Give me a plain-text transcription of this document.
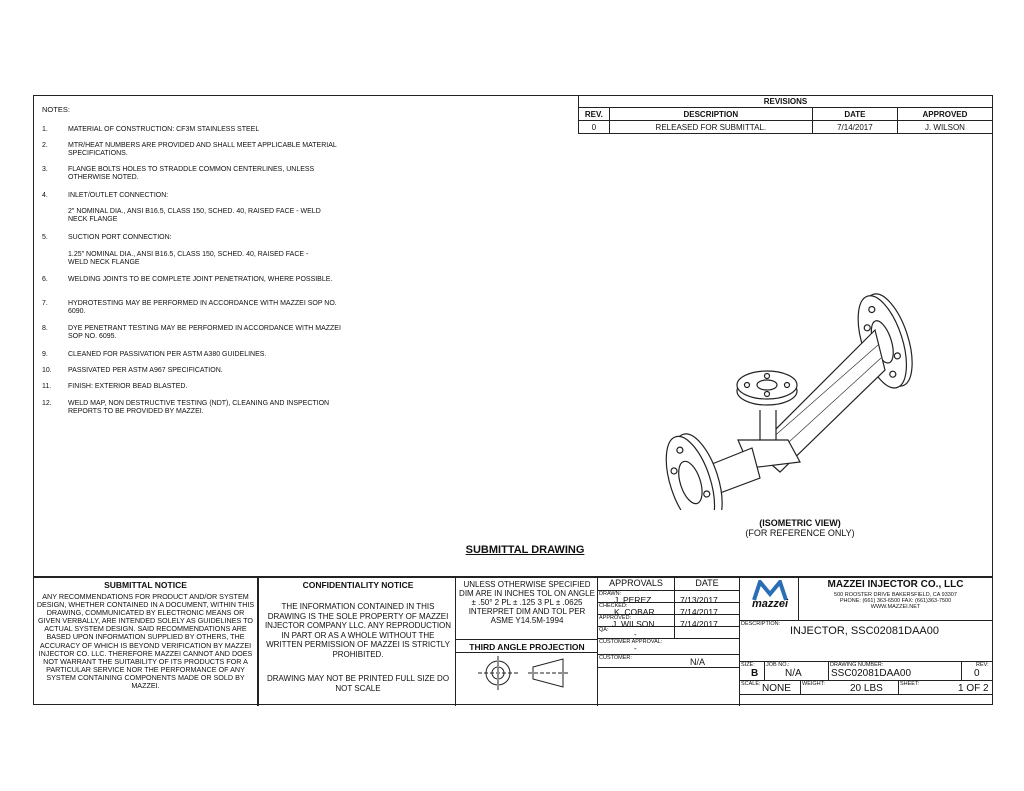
NOTES:
1.	MATERIAL OF CONSTRUCTION: CF3M STAINLESS STEEL
2.	MTR/HEAT NUMBERS ARE PROVIDED AND SHALL MEET APPLICABLE MATERIAL SPECIFICATIONS.
3.	FLANGE BOLTS HOLES TO STRADDLE COMMON CENTERLINES, UNLESS OTHERWISE NOTED.
4.	INLET/OUTLET CONNECTION:
2" NOMINAL DIA., ANSI B16.5, CLASS 150, SCHED. 40, RAISED FACE - WELD NECK FLANGE
5.	SUCTION PORT CONNECTION:
1.25" NOMINAL DIA., ANSI B16.5, CLASS 150, SCHED. 40, RAISED FACE - WELD NECK FLANGE
6.	WELDING JOINTS TO BE COMPLETE JOINT PENETRATION, WHERE POSSIBLE.
7.	HYDROTESTING MAY BE PERFORMED IN ACCORDANCE WITH MAZZEI SOP NO. 6090.
8.	DYE PENETRANT TESTING MAY BE PERFORMED IN ACCORDANCE WITH MAZZEI SOP NO. 6095.
9.	CLEANED FOR PASSIVATION PER ASTM A380 GUIDELINES.
10.	PASSIVATED PER ASTM A967 SPECIFICATION.
11.	FINISH: EXTERIOR BEAD BLASTED.
12.	WELD MAP, NON DESTRUCTIVE TESTING (NDT), CLEANING AND INSPECTION REPORTS TO BE PROVIDED BY MAZZEI.
REVISIONS			
REV.	DESCRIPTION	DATE	APPROVED
0	RELEASED FOR SUBMITTAL.	7/14/2017	J. WILSON
(ISOMETRIC VIEW)
(FOR REFERENCE ONLY)
SUBMITTAL DRAWING
SUBMITTAL NOTICE
ANY RECOMMENDATIONS FOR PRODUCT AND/OR SYSTEM DESIGN, WHETHER CONTAINED IN A DOCUMENT, WITHIN THIS DRAWING, COMMUNICATED BY ELECTRONIC MEANS OR GIVEN VERBALLY, ARE INTENDED SOLELY AS GUIDELINES TO ACTUAL SYSTEM DESIGN. SAID RECOMMENDATIONS ARE BASED UPON INFORMATION SUPPLIED BY OTHERS, THE ACCURACY OF WHICH IS BEYOND VERIFICATION BY MAZZEI INJECTOR CO. LLC. THEREFORE MAZZEI CANNOT AND DOES NOT WARRANT THE SUITABILITY OF ITS PRODUCTS FOR A PARTICULAR SERVICE NOR THE PERFORMANCE OF ANY SYSTEM CONTAINING COMPONENTS MADE OR SOLD BY MAZZEI.
CONFIDENTIALITY NOTICE
THE INFORMATION CONTAINED IN THIS DRAWING IS THE SOLE PROPERTY OF MAZZEI INJECTOR COMPANY LLC. ANY REPRODUCTION IN PART OR AS A WHOLE WITHOUT THE WRITTEN PERMISSION OF MAZZEI IS STRICTLY PROHIBITED.
DRAWING MAY NOT BE PRINTED FULL SIZE DO NOT SCALE
UNLESS OTHERWISE SPECIFIED DIM ARE IN INCHES TOL ON ANGLE ± .50° 2 PL ± .125 3 PL ± .0625 INTERPRET DIM AND TOL PER ASME Y14.5M-1994
THIRD ANGLE PROJECTION
APPROVALS	DATE
DRAWN:
J. PEREZ	7/13/2017
CHECKED:
K. COBAR	7/14/2017
APPROVED:
J. WILSON	7/14/2017
QA:	-
CUSTOMER APPROVAL:
-
CUSTOMER:	N/A
mazzei
MAZZEI INJECTOR CO., LLC
500 ROOSTER DRIVE BAKERSFIELD, CA 93307
PHONE: (661) 363-6500 FAX: (661)363-7500
WWW.MAZZEI.NET
DESCRIPTION:
INJECTOR, SSC02081DAA00
SIZE:
B
JOB NO.:
N/A
DRAWING NUMBER:
SSC02081DAA00
REV:
0
SCALE: NONE WEIGHT:	20 LBS	SHEET:	1 OF 2
